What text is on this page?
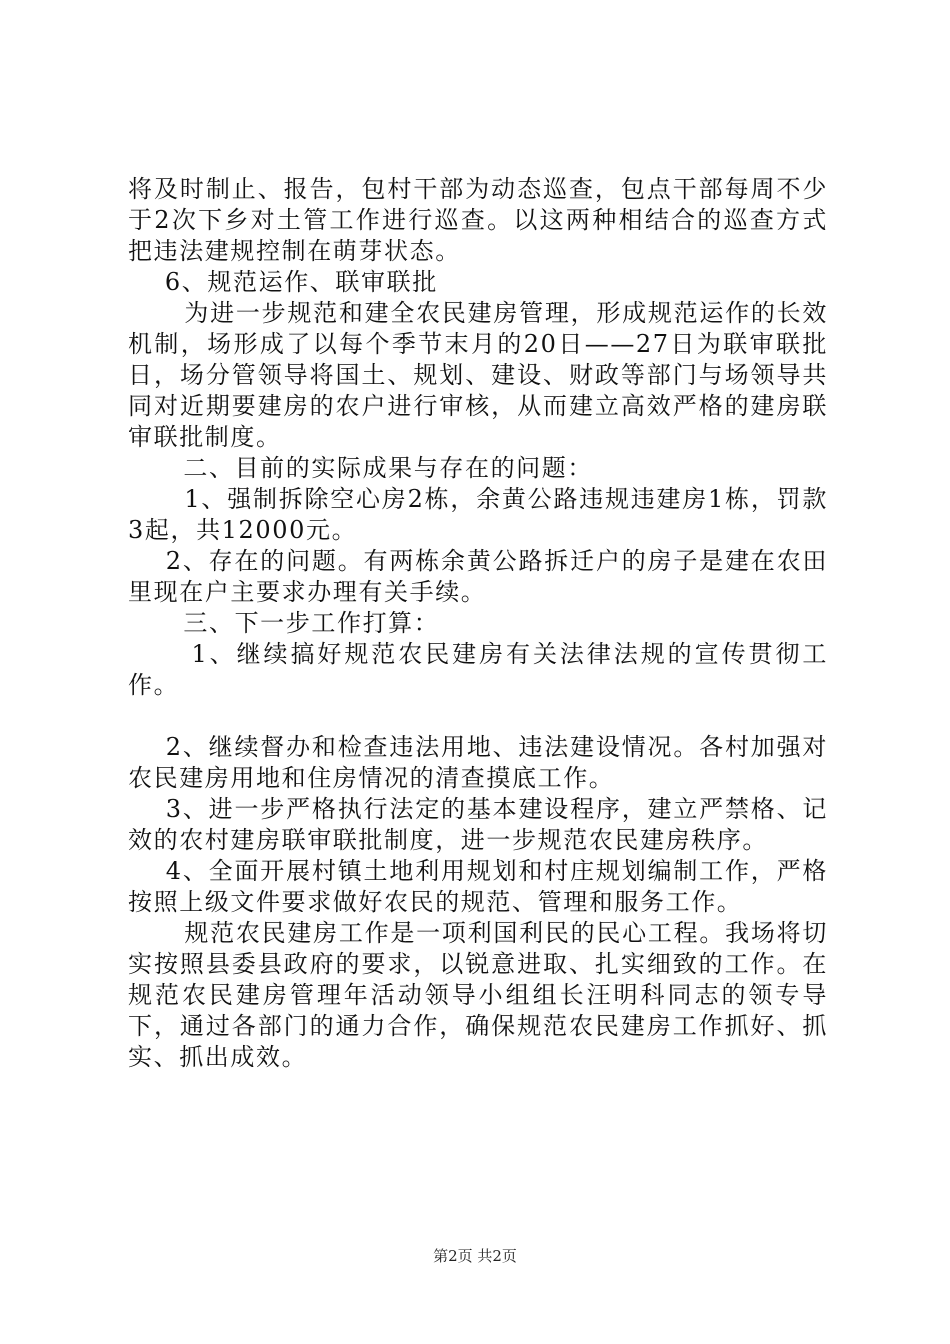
将及时制止、报告，包村干部为动态巡查，包点干部每周不少于2次下乡对土管工作进行巡查。以这两种相结合的巡查方式把违法建规控制在萌芽状态。

6、规范运作、联审联批

为进一步规范和建全农民建房管理，形成规范运作的长效机制，场形成了以每个季节末月的20日——27日为联审联批日，场分管领导将国土、规划、建设、财政等部门与场领导共同对近期要建房的农户进行审核，从而建立高效严格的建房联审联批制度。

二、目前的实际成果与存在的问题：

1、强制拆除空心房2栋，余黄公路违规违建房1栋，罚款3起，共12000元。

2、存在的问题。有两栋余黄公路拆迁户的房子是建在农田里现在户主要求办理有关手续。

三、下一步工作打算：

1、继续搞好规范农民建房有关法律法规的宣传贯彻工作。

2、继续督办和检查违法用地、违法建设情况。各村加强对农民建房用地和住房情况的清查摸底工作。

3、进一步严格执行法定的基本建设程序，建立严禁格、记效的农村建房联审联批制度，进一步规范农民建房秩序。

4、全面开展村镇土地利用规划和村庄规划编制工作，严格按照上级文件要求做好农民的规范、管理和服务工作。

规范农民建房工作是一项利国利民的民心工程。我场将切实按照县委县政府的要求，以锐意进取、扎实细致的工作。在规范农民建房管理年活动领导小组组长汪明科同志的领专导下，通过各部门的通力合作，确保规范农民建房工作抓好、抓实、抓出成效。

第2页 共2页
